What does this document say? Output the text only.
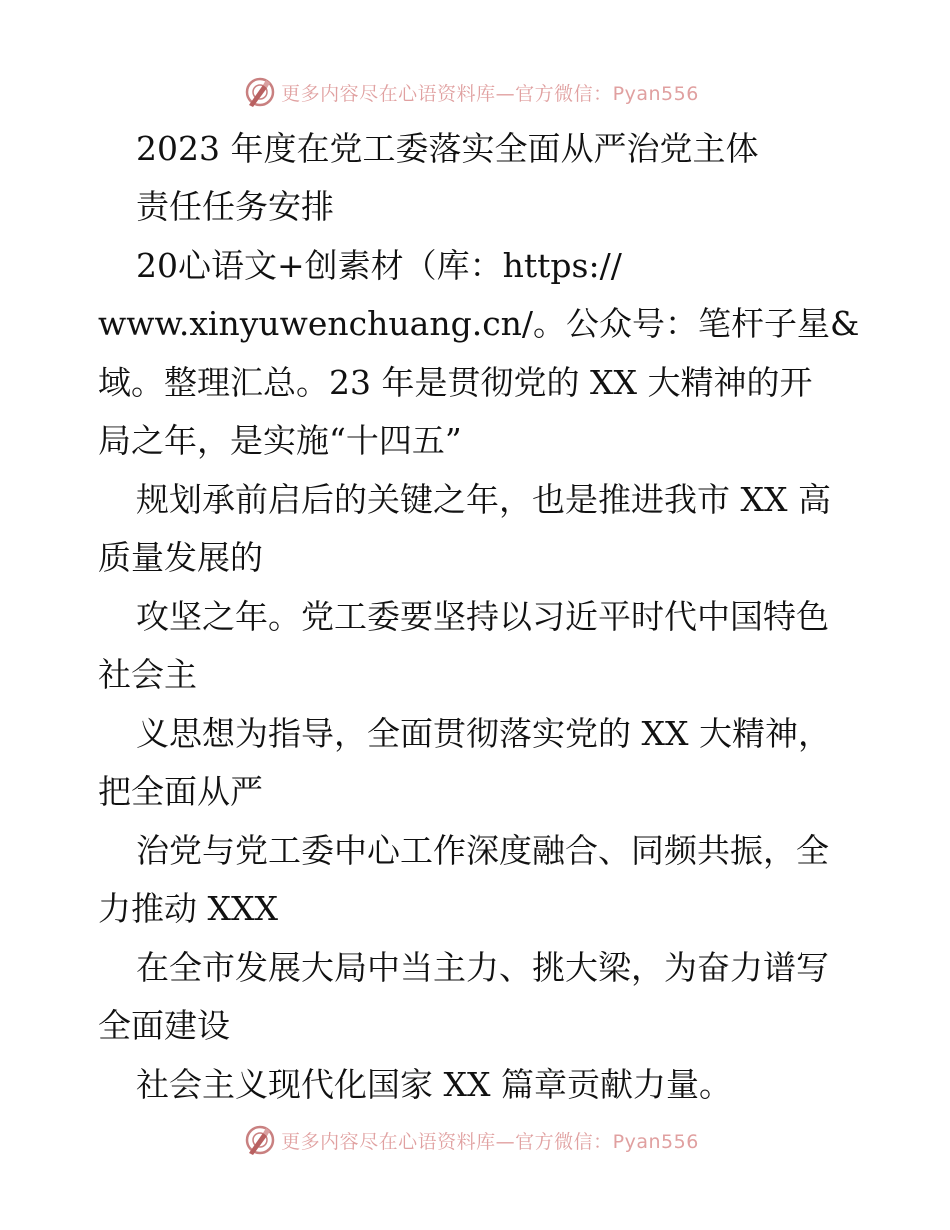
更多内容尽在心语资料库—官方微信：Pyan556
2023 年度在党工委落实全面从严治党主体
责任任务安排
20心语文+创素材（库：https://
www.xinyuwenchuang.cn/。公众号：笔杆子星&
域。整理汇总。23 年是贯彻党的 XX 大精神的开
局之年，是实施“十四五”
规划承前启后的关键之年，也是推进我市 XX 高
质量发展的
攻坚之年。党工委要坚持以习近平时代中国特色
社会主
义思想为指导，全面贯彻落实党的 XX 大精神，
把全面从严
治党与党工委中心工作深度融合、同频共振，全
力推动 XXX
在全市发展大局中当主力、挑大梁，为奋力谱写
全面建设
社会主义现代化国家 XX 篇章贡献力量。
更多内容尽在心语资料库—官方微信：Pyan556
